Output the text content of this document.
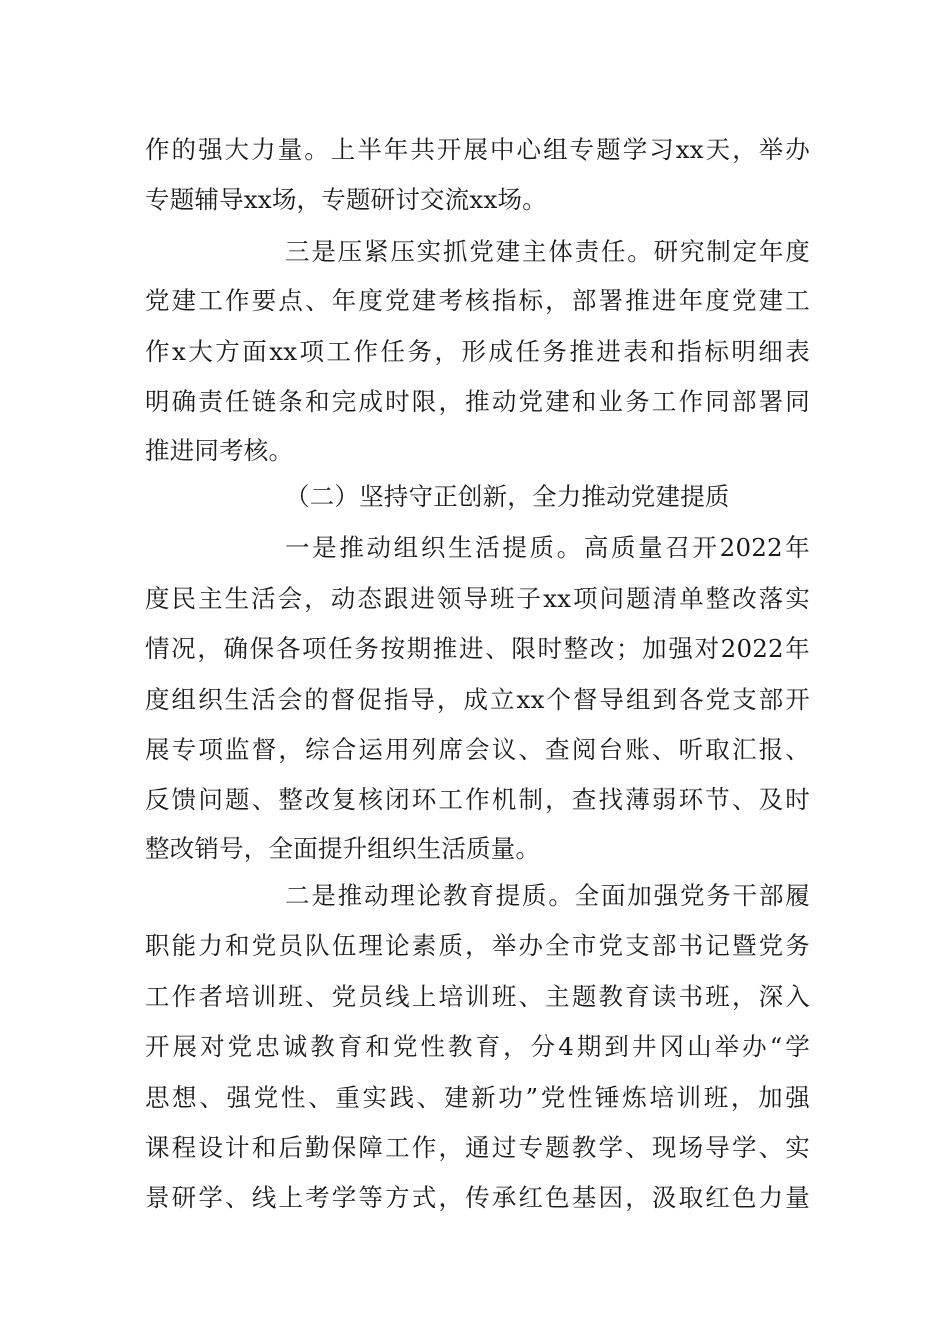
作的强大力量。上半年共开展中心组专题学习xx天，举办
专题辅导xx场，专题研讨交流xx场。
三是压紧压实抓党建主体责任。研究制定年度
党建工作要点、年度党建考核指标，部署推进年度党建工
作x大方面xx项工作任务，形成任务推进表和指标明细表
明确责任链条和完成时限，推动党建和业务工作同部署同
推进同考核。
（二）坚持守正创新，全力推动党建提质
一是推动组织生活提质。高质量召开2022年
度民主生活会，动态跟进领导班子xx项问题清单整改落实
情况，确保各项任务按期推进、限时整改；加强对2022年
度组织生活会的督促指导，成立xx个督导组到各党支部开
展专项监督，综合运用列席会议、查阅台账、听取汇报、
反馈问题、整改复核闭环工作机制，查找薄弱环节、及时
整改销号，全面提升组织生活质量。
二是推动理论教育提质。全面加强党务干部履
职能力和党员队伍理论素质，举办全市党支部书记暨党务
工作者培训班、党员线上培训班、主题教育读书班，深入
开展对党忠诚教育和党性教育，分4期到井冈山举办“学
思想、强党性、重实践、建新功”党性锤炼培训班，加强
课程设计和后勤保障工作，通过专题教学、现场导学、实
景研学、线上考学等方式，传承红色基因，汲取红色力量
